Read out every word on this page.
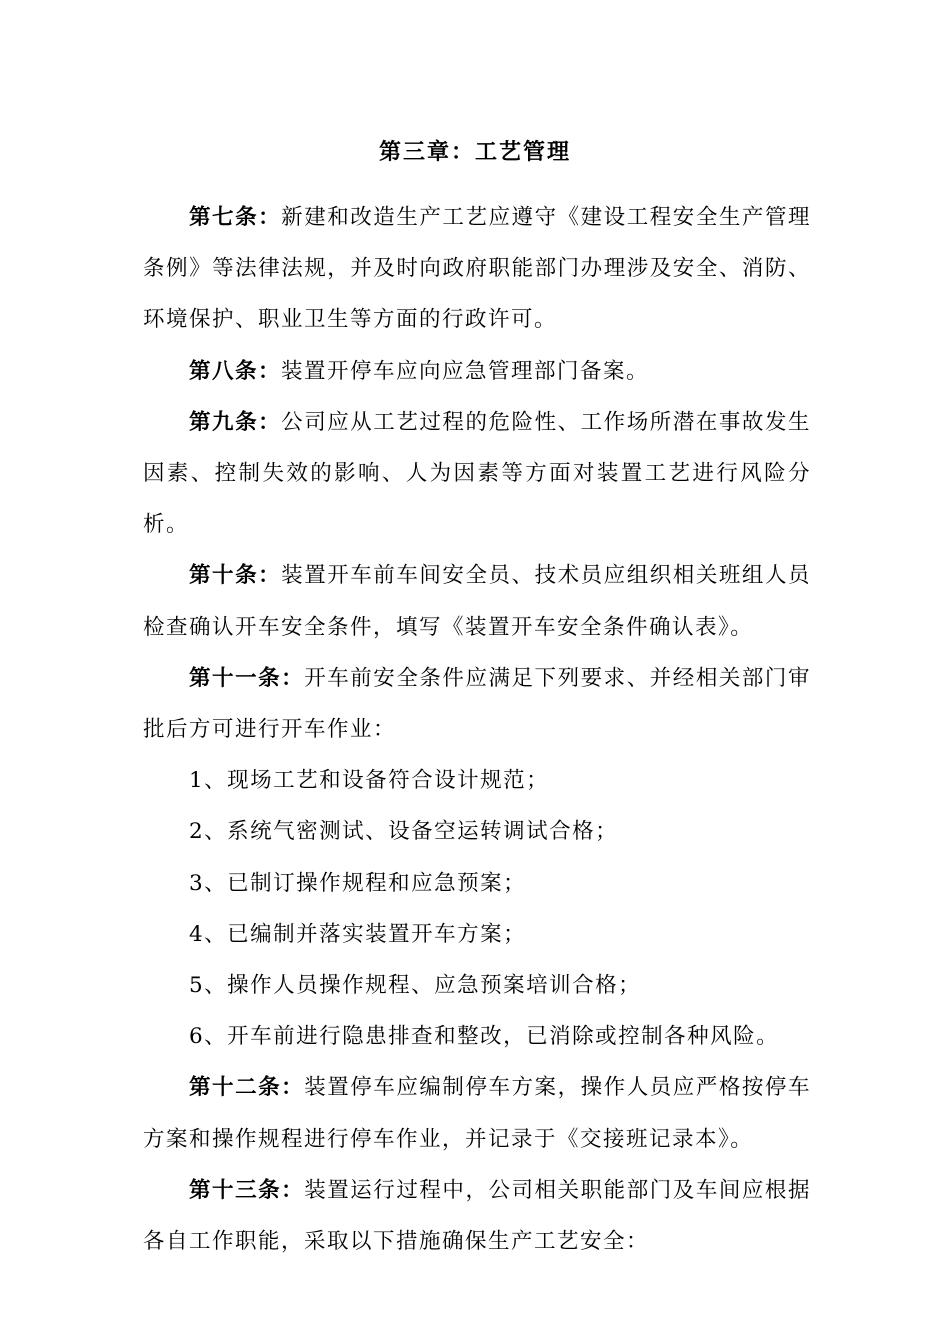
第三章：工艺管理

第七条：新建和改造生产工艺应遵守《建设工程安全生产管理条例》等法律法规，并及时向政府职能部门办理涉及安全、消防、环境保护、职业卫生等方面的行政许可。

第八条：装置开停车应向应急管理部门备案。

第九条：公司应从工艺过程的危险性、工作场所潜在事故发生因素、控制失效的影响、人为因素等方面对装置工艺进行风险分析。

第十条：装置开车前车间安全员、技术员应组织相关班组人员检查确认开车安全条件，填写《装置开车安全条件确认表》。

第十一条：开车前安全条件应满足下列要求、并经相关部门审批后方可进行开车作业：

1、现场工艺和设备符合设计规范；

2、系统气密测试、设备空运转调试合格；

3、已制订操作规程和应急预案；

4、已编制并落实装置开车方案；

5、操作人员操作规程、应急预案培训合格；

6、开车前进行隐患排查和整改，已消除或控制各种风险。

第十二条：装置停车应编制停车方案，操作人员应严格按停车方案和操作规程进行停车作业，并记录于《交接班记录本》。

第十三条：装置运行过程中，公司相关职能部门及车间应根据各自工作职能，采取以下措施确保生产工艺安全：
